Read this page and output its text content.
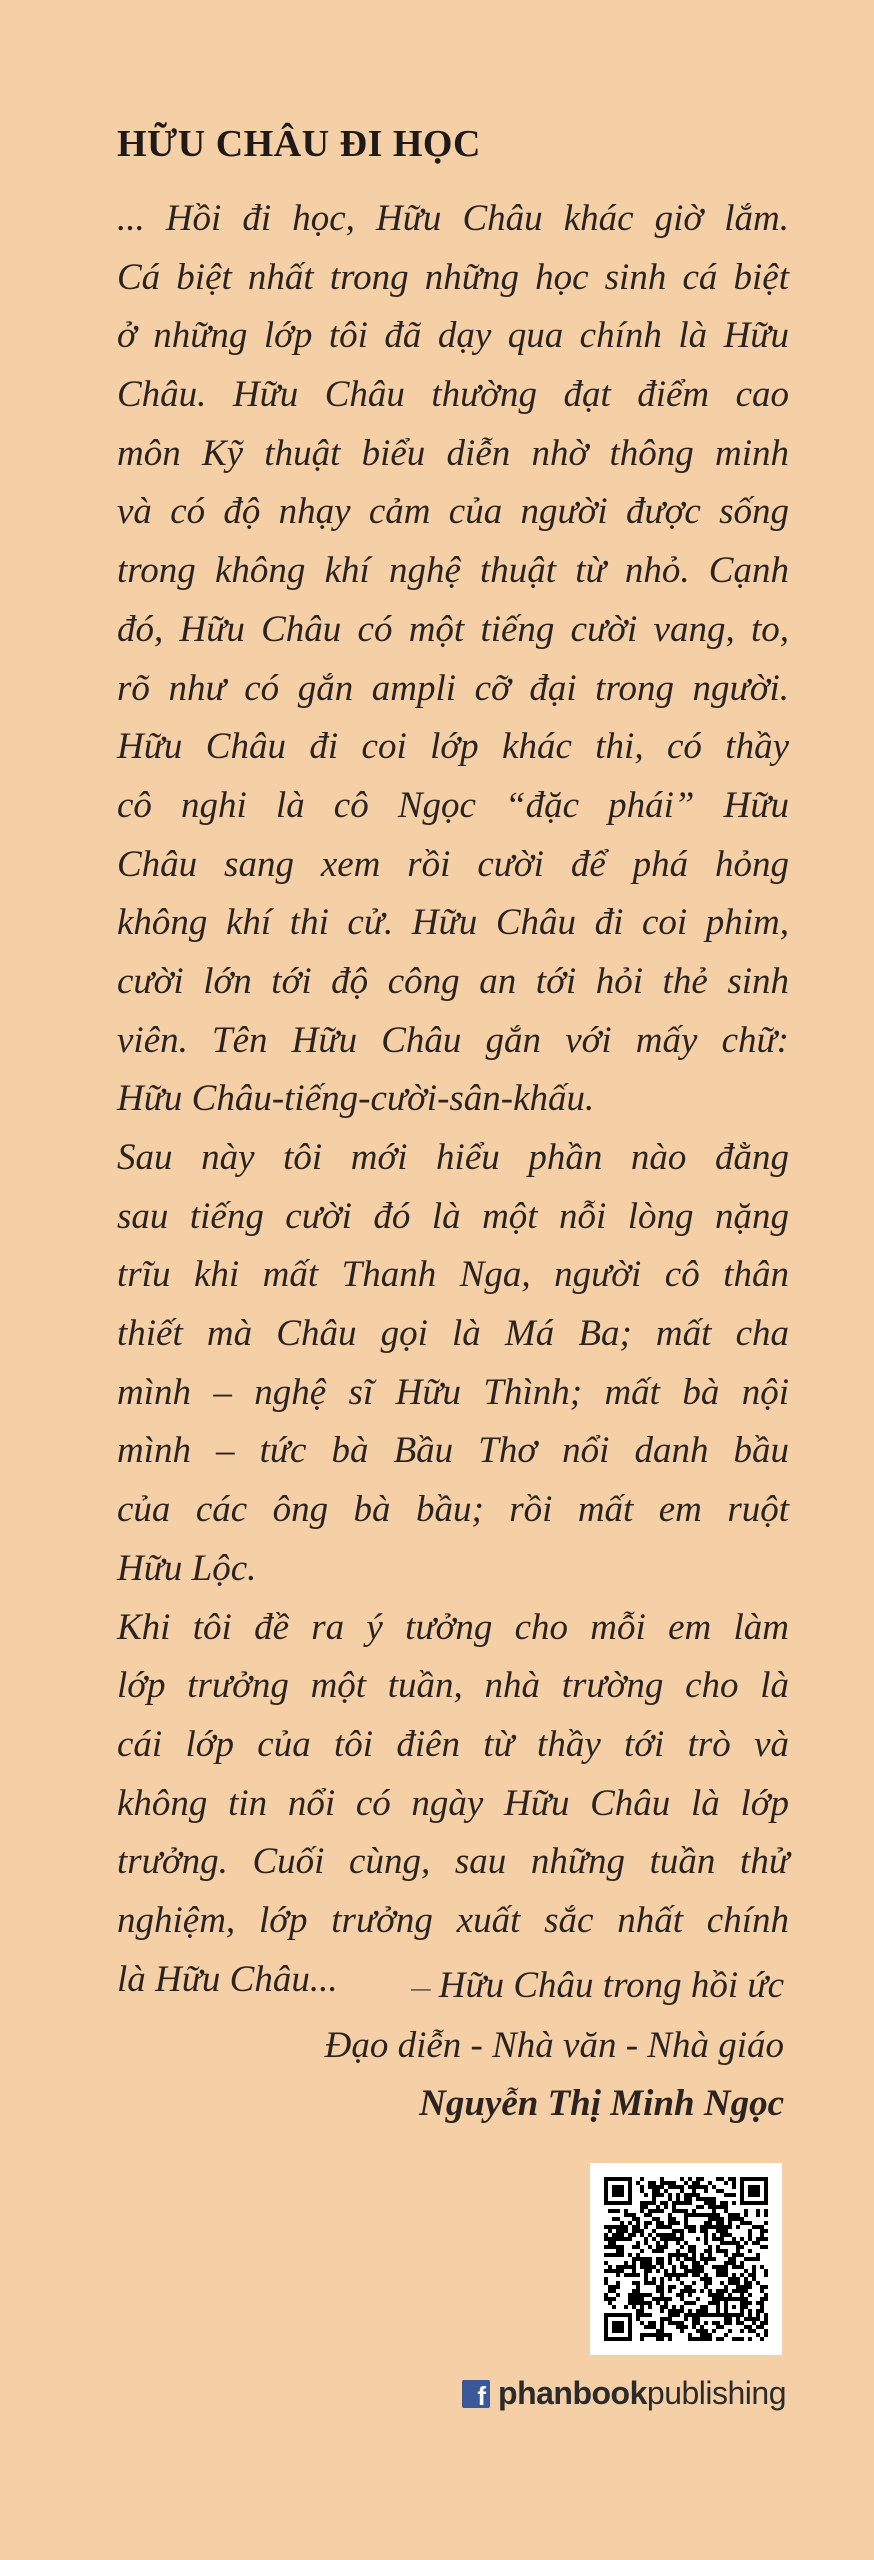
HỮU CHÂU ĐI HỌC
... Hồi đi học, Hữu Châu khác giờ lắm.
Cá biệt nhất trong những học sinh cá biệt
ở những lớp tôi đã dạy qua chính là Hữu
Châu. Hữu Châu thường đạt điểm cao
môn Kỹ thuật biểu diễn nhờ thông minh
và có độ nhạy cảm của người được sống
trong không khí nghệ thuật từ nhỏ. Cạnh
đó, Hữu Châu có một tiếng cười vang, to,
rõ như có gắn ampli cỡ đại trong người.
Hữu Châu đi coi lớp khác thi, có thầy
cô nghi là cô Ngọc “đặc phái” Hữu
Châu sang xem rồi cười để phá hỏng
không khí thi cử. Hữu Châu đi coi phim,
cười lớn tới độ công an tới hỏi thẻ sinh
viên. Tên Hữu Châu gắn với mấy chữ:
Hữu Châu-tiếng-cười-sân-khấu.
Sau này tôi mới hiểu phần nào đằng
sau tiếng cười đó là một nỗi lòng nặng
trĩu khi mất Thanh Nga, người cô thân
thiết mà Châu gọi là Má Ba; mất cha
mình – nghệ sĩ Hữu Thình; mất bà nội
mình – tức bà Bầu Thơ nổi danh bầu
của các ông bà bầu; rồi mất em ruột
Hữu Lộc.
Khi tôi đề ra ý tưởng cho mỗi em làm
lớp trưởng một tuần, nhà trường cho là
cái lớp của tôi điên từ thầy tới trò và
không tin nổi có ngày Hữu Châu là lớp
trưởng. Cuối cùng, sau những tuần thử
nghiệm, lớp trưởng xuất sắc nhất chính
là Hữu Châu...	— Hữu Châu trong hồi ức
Đạo diễn - Nhà văn - Nhà giáo
Nguyễn Thị Minh Ngọc
f phanbook publishing
